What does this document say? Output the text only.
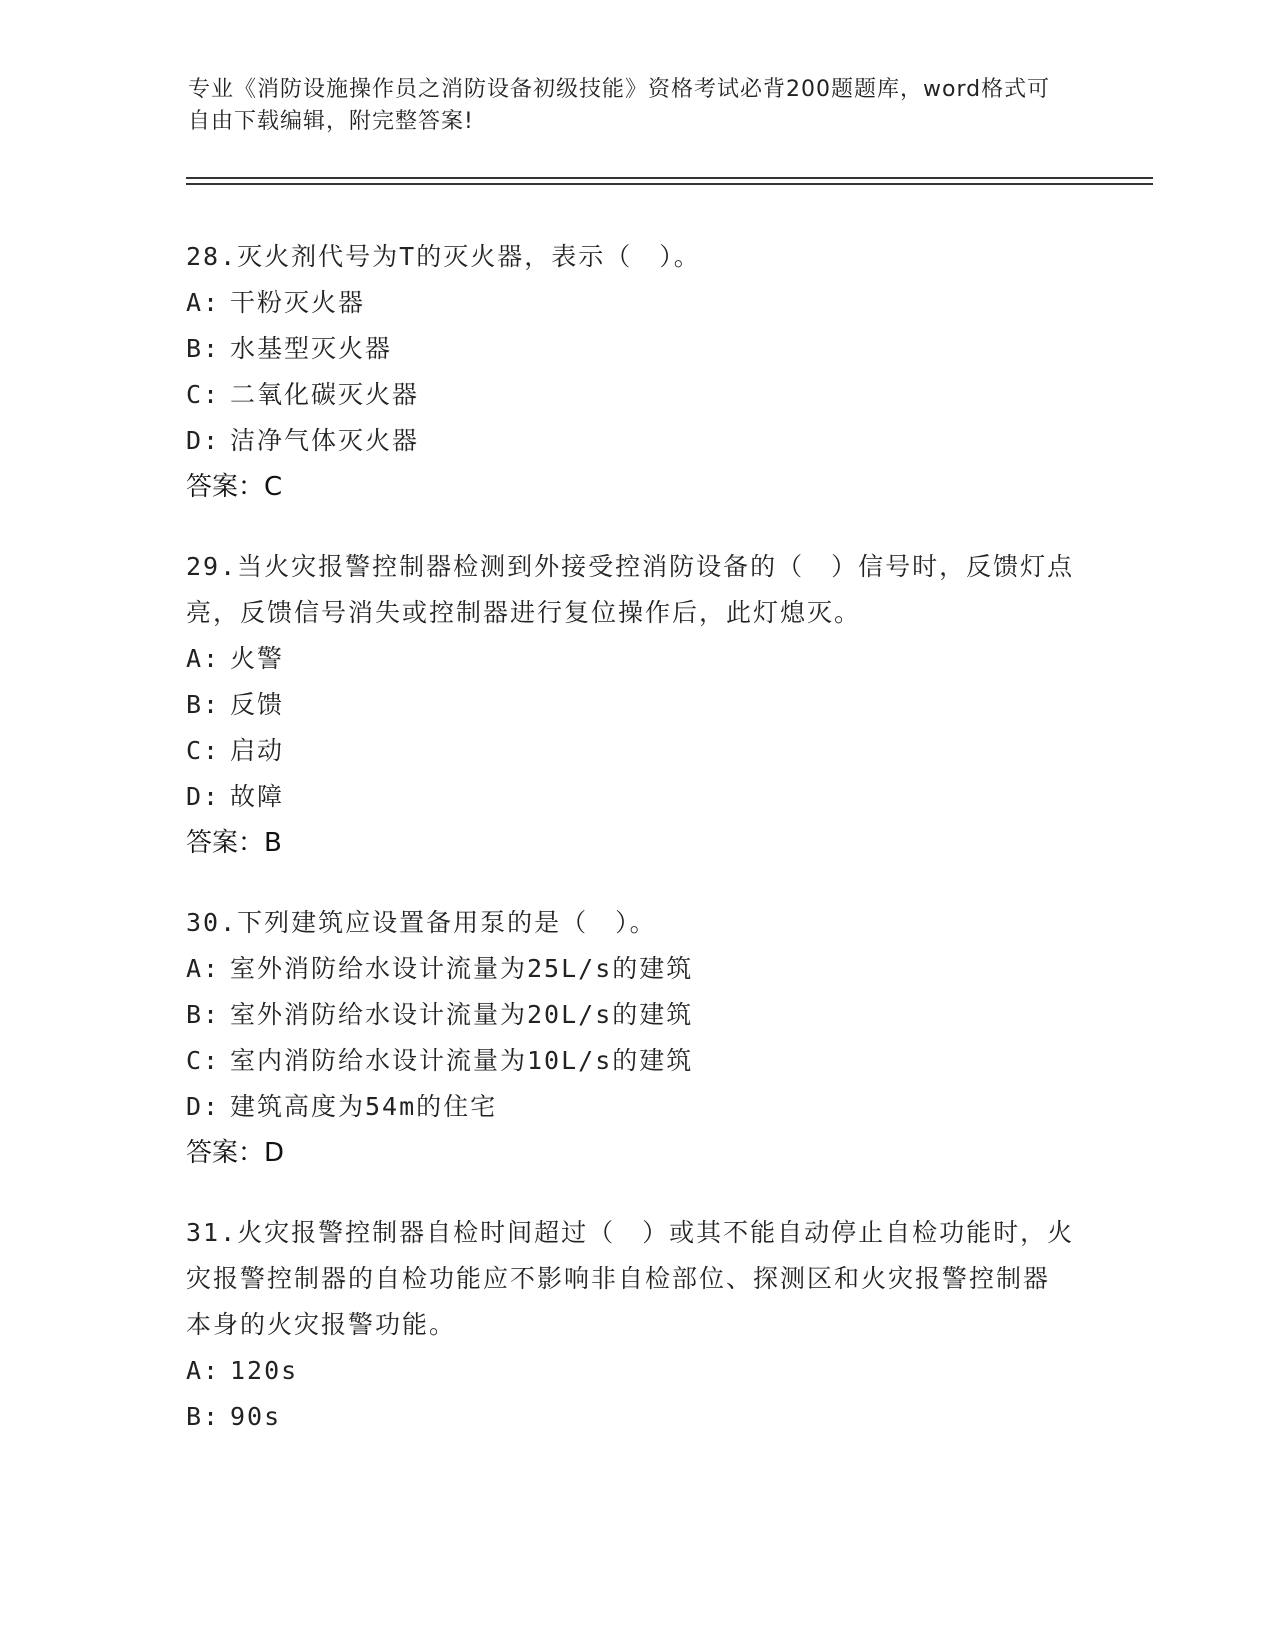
专业《消防设施操作员之消防设备初级技能》资格考试必背200题题库，word格式可自由下载编辑，附完整答案!
28.灭火剂代号为T的灭火器，表示（　）。
A: 干粉灭火器
B: 水基型灭火器
C: 二氧化碳灭火器
D: 洁净气体灭火器
答案：C
29.当火灾报警控制器检测到外接受控消防设备的（　）信号时，反馈灯点亮，反馈信号消失或控制器进行复位操作后，此灯熄灭。
A: 火警
B: 反馈
C: 启动
D: 故障
答案：B
30.下列建筑应设置备用泵的是（　）。
A: 室外消防给水设计流量为25L/s的建筑
B: 室外消防给水设计流量为20L/s的建筑
C: 室内消防给水设计流量为10L/s的建筑
D: 建筑高度为54m的住宅
答案：D
31.火灾报警控制器自检时间超过（　）或其不能自动停止自检功能时，火灾报警控制器的自检功能应不影响非自检部位、探测区和火灾报警控制器本身的火灾报警功能。
A: 120s
B: 90s
